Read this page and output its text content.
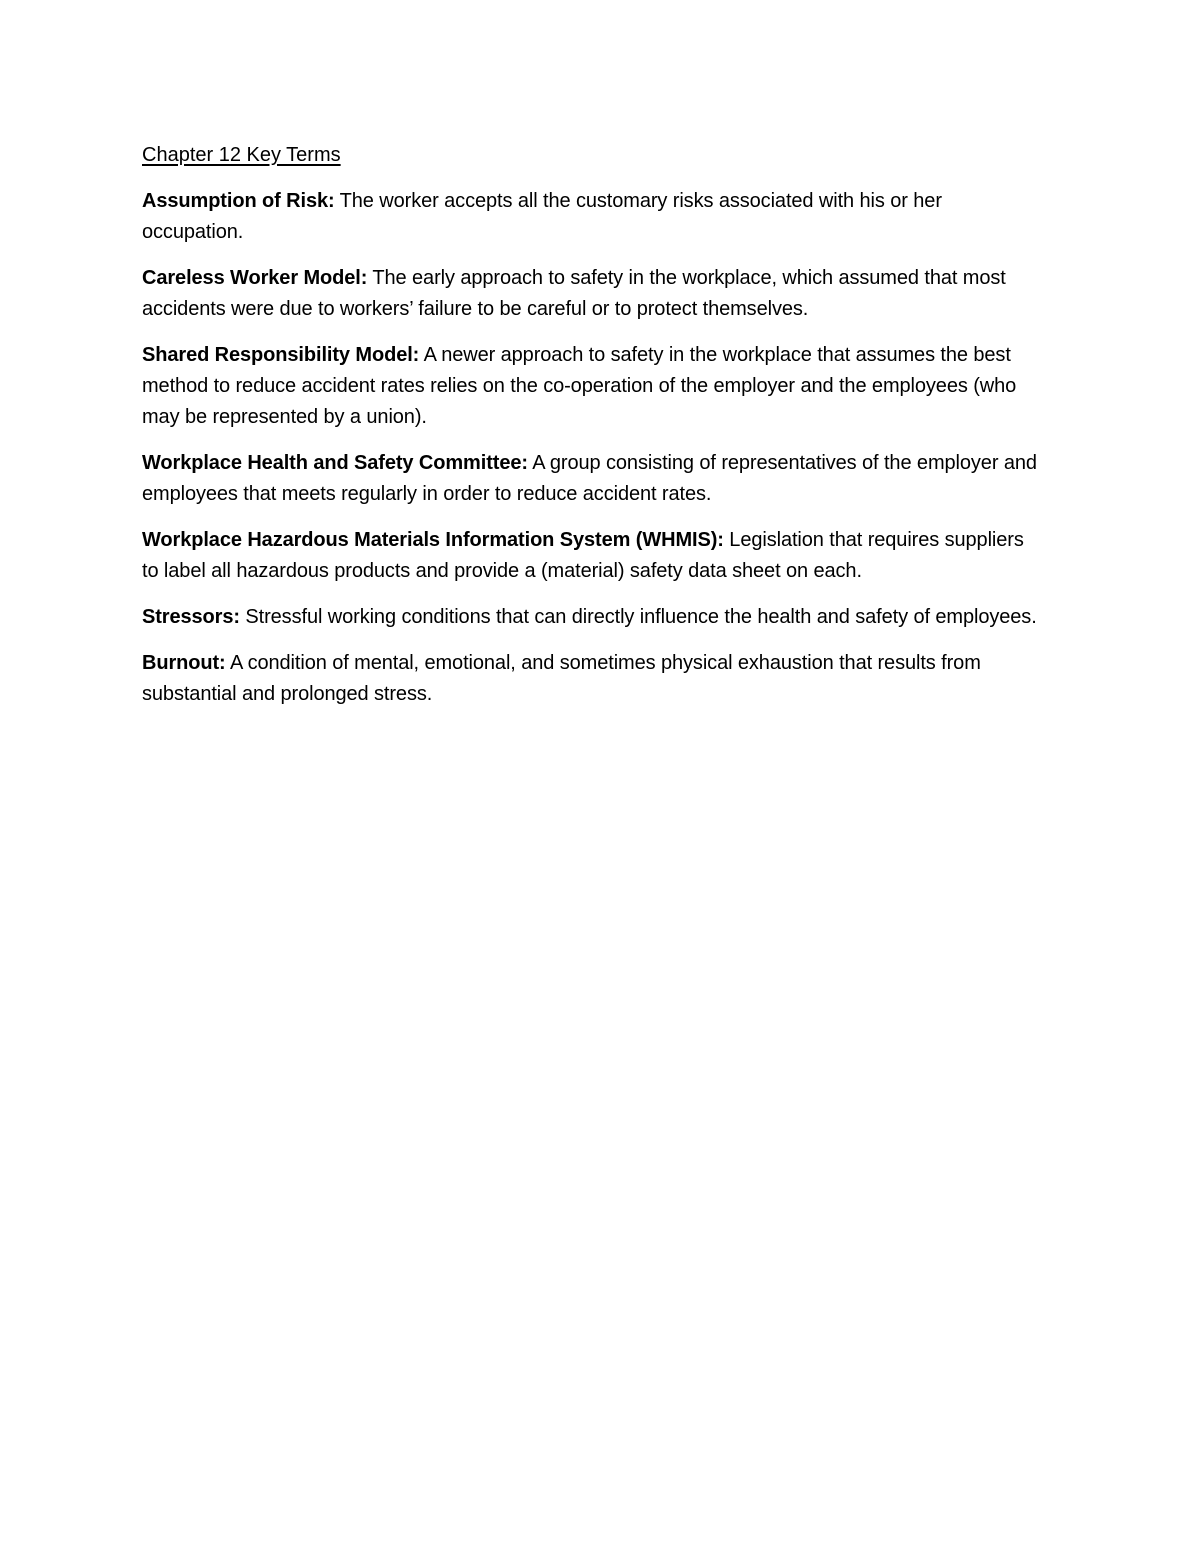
Chapter 12 Key Terms

Assumption of Risk: The worker accepts all the customary risks associated with his or her occupation.

Careless Worker Model: The early approach to safety in the workplace, which assumed that most accidents were due to workers’ failure to be careful or to protect themselves.

Shared Responsibility Model: A newer approach to safety in the workplace that assumes the best method to reduce accident rates relies on the co-operation of the employer and the employees (who may be represented by a union).

Workplace Health and Safety Committee: A group consisting of representatives of the employer and employees that meets regularly in order to reduce accident rates.

Workplace Hazardous Materials Information System (WHMIS): Legislation that requires suppliers to label all hazardous products and provide a (material) safety data sheet on each.

Stressors: Stressful working conditions that can directly influence the health and safety of employees.

Burnout: A condition of mental, emotional, and sometimes physical exhaustion that results from substantial and prolonged stress.
